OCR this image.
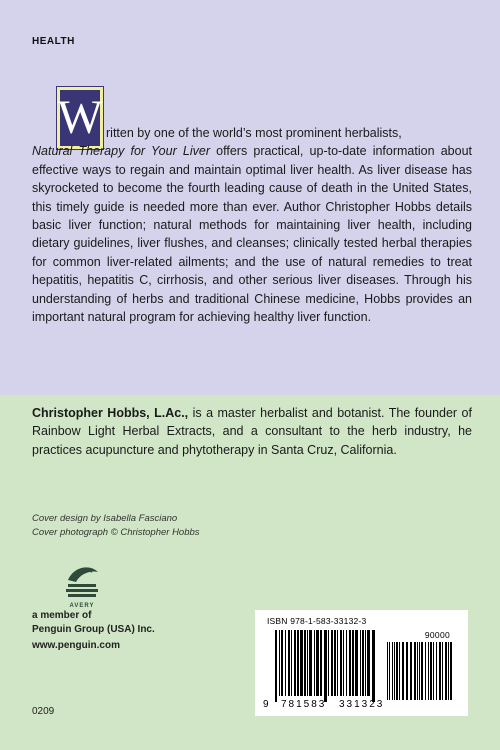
HEALTH
W ritten by one of the world’s most prominent herbalists,
Natural Therapy for Your Liver offers practical, up-to-date information about effective ways to regain and maintain optimal liver health. As liver disease has skyrocketed to become the fourth leading cause of death in the United States, this timely guide is needed more than ever. Author Christopher Hobbs details basic liver function; natural methods for maintaining liver health, including dietary guidelines, liver flushes, and cleanses; clinically tested herbal therapies for common liver-related ailments; and the use of natural remedies to treat hepatitis, hepatitis C, cirrhosis, and other serious liver diseases. Through his understanding of herbs and traditional Chinese medicine, Hobbs provides an important natural program for achieving healthy liver function.
Christopher Hobbs, L.Ac., is a master herbalist and botanist. The founder of Rainbow Light Herbal Extracts, and a consultant to the herb industry, he practices acupuncture and phytotherapy in Santa Cruz, California.
Cover design by Isabella Fasciano
Cover photograph © Christopher Hobbs
AVERY
a member of
Penguin Group (USA) Inc.
www.penguin.com
0209
ISBN 978-1-583-33132-3
90000
9 781583 331323
